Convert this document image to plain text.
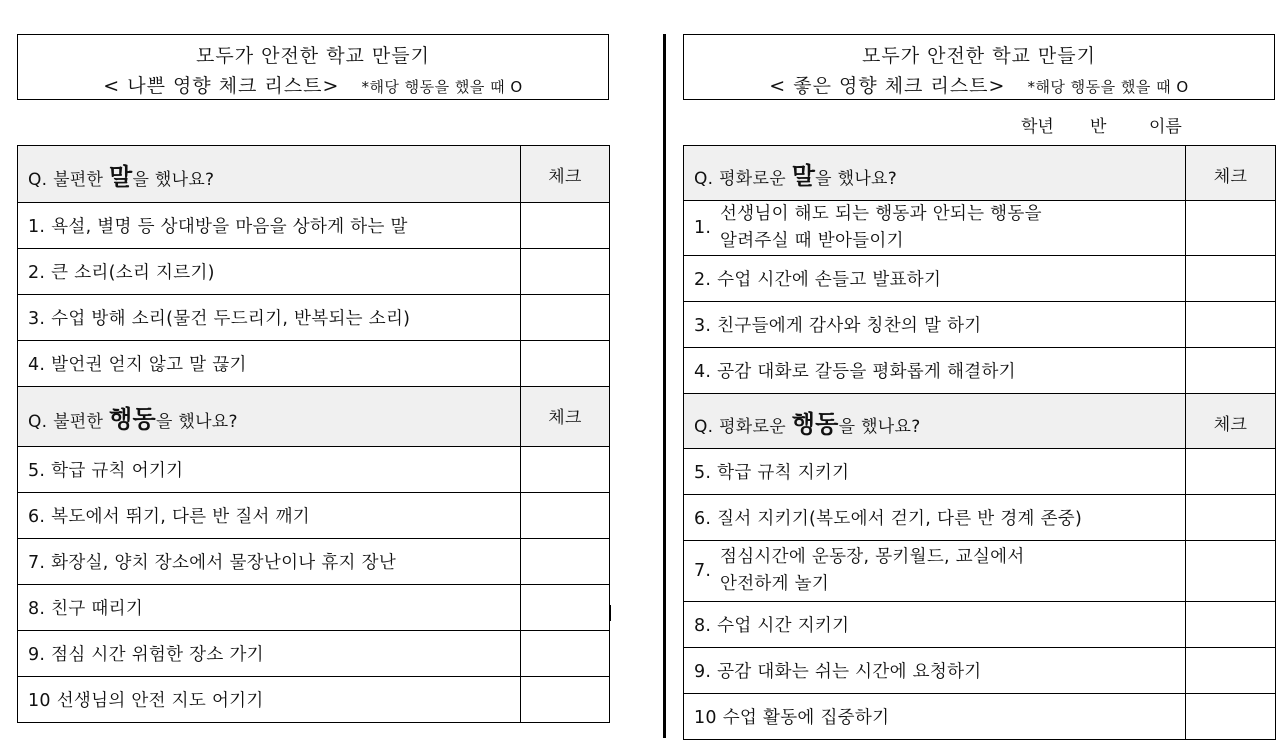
모두가 안전한 학교 만들기
< 나쁜 영향 체크 리스트> *해당 행동을 했을 때 O
Q. 불편한 말을 했나요?	체크
1. 욕설, 별명 등 상대방을 마음을 상하게 하는 말	
2. 큰 소리(소리 지르기)	
3. 수업 방해 소리(물건 두드리기, 반복되는 소리)	
4. 발언권 얻지 않고 말 끊기	
Q. 불편한 행동을 했나요?	체크
5. 학급 규칙 어기기	
6. 복도에서 뛰기, 다른 반 질서 깨기	
7. 화장실, 양치 장소에서 물장난이나 휴지 장난	
8. 친구 때리기	
9. 점심 시간 위험한 장소 가기	
10 선생님의 안전 지도 어기기	
모두가 안전한 학교 만들기
< 좋은 영향 체크 리스트> *해당 행동을 했을 때 O
학년 반	이름
Q. 평화로운 말을 했나요?	체크

1.
선생님이 해도 되는 행동과 안되는 행동을
알려주실 때 받아들이기	

2. 수업 시간에 손들고 발표하기	
3. 친구들에게 감사와 칭찬의 말 하기	
4. 공감 대화로 갈등을 평화롭게 해결하기	
Q. 평화로운 행동을 했나요?	체크
5. 학급 규칙 지키기	
6. 질서 지키기(복도에서 걷기, 다른 반 경계 존중)	

7.
점심시간에 운동장, 몽키월드, 교실에서
안전하게 놀기	

8. 수업 시간 지키기	
9. 공감 대화는 쉬는 시간에 요청하기	
10 수업 활동에 집중하기	
